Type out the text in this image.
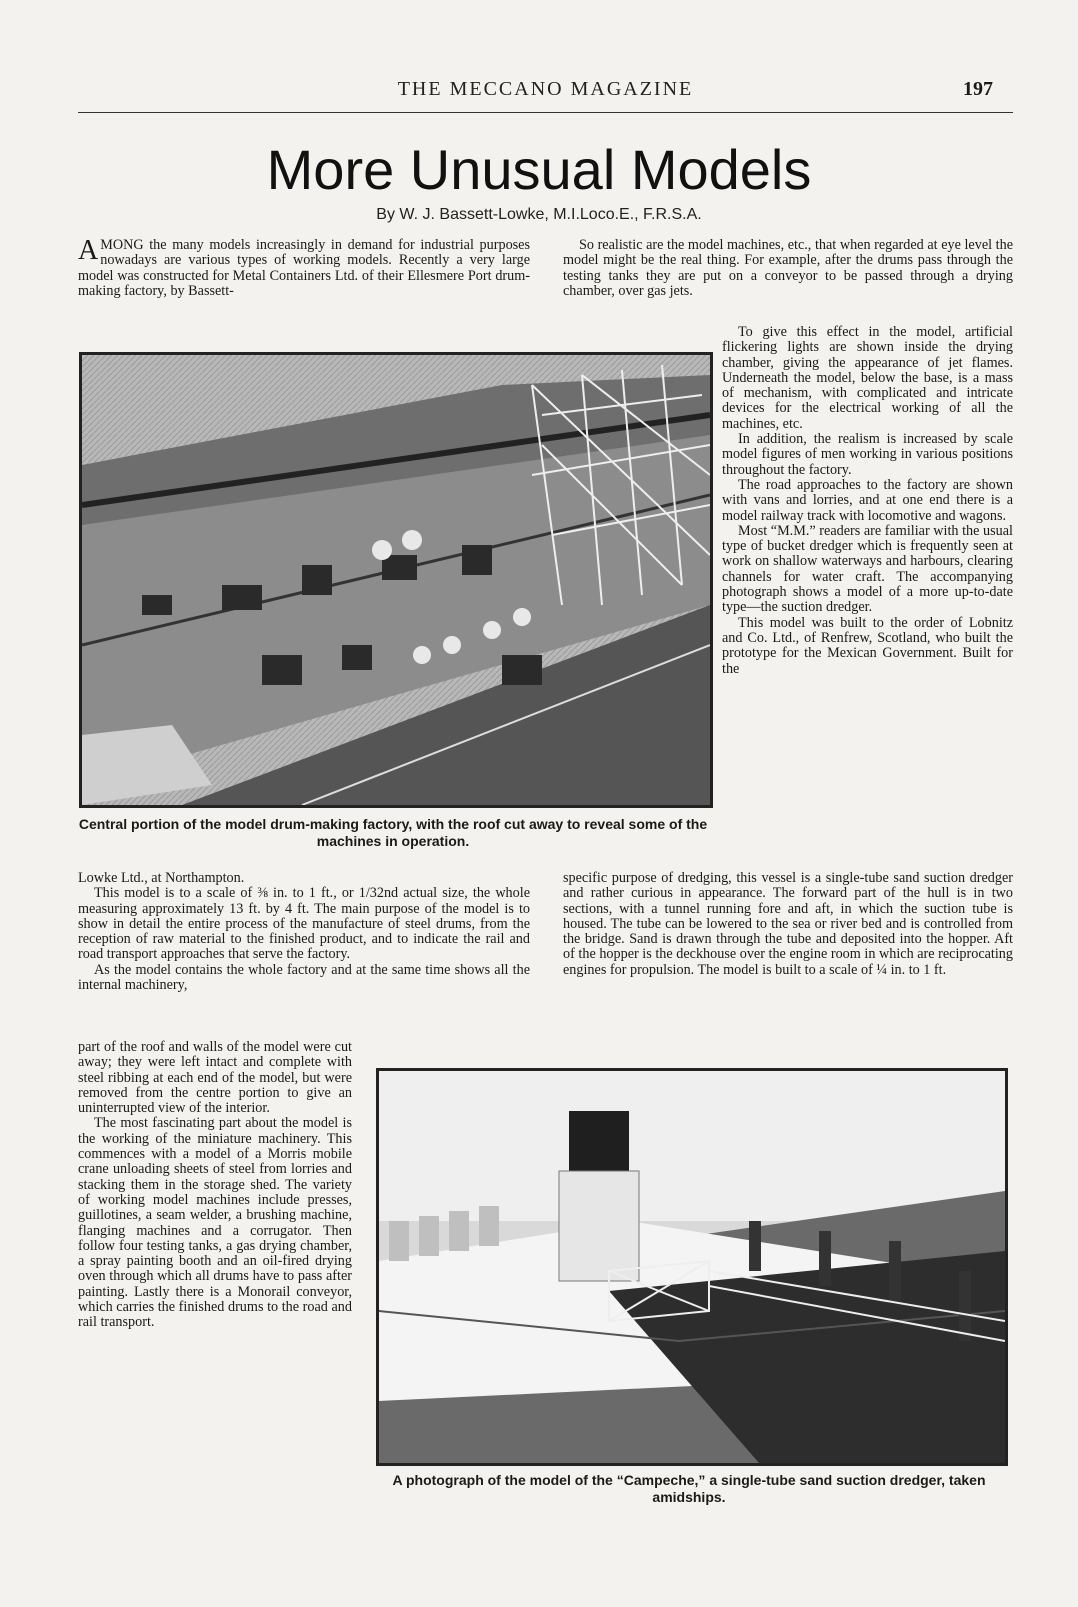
THE MECCANO MAGAZINE	197
More Unusual Models
By W. J. Bassett-Lowke, M.I.Loco.E., F.R.S.A.
AMONG the many models increasingly in demand for industrial purposes nowadays are various types of working models. Recently a very large model was constructed for Metal Containers Ltd. of their Ellesmere Port drum-making factory, by Bassett-
So realistic are the model machines, etc., that when regarded at eye level the model might be the real thing. For example, after the drums pass through the testing tanks they are put on a conveyor to be passed through a drying chamber, over gas jets.
Central portion of the model drum-making factory, with the roof cut away to reveal some of the machines in operation.

To give this effect in the model, artificial flickering lights are shown inside the drying chamber, giving the appearance of jet flames. Underneath the model, below the base, is a mass of mechanism, with complicated and intricate devices for the electrical working of all the machines, etc.

In addition, the realism is increased by scale model figures of men working in various positions throughout the factory.

The road approaches to the factory are shown with vans and lorries, and at one end there is a model railway track with locomotive and wagons.

Most “M.M.” readers are familiar with the usual type of bucket dredger which is frequently seen at work on shallow waterways and harbours, clearing channels for water craft. The accompanying photograph shows a model of a more up-to-date type—the suction dredger.

This model was built to the order of Lobnitz and Co. Ltd., of Renfrew, Scotland, who built the prototype for the Mexican Government. Built for the

Lowke Ltd., at Northampton.

This model is to a scale of ⅜ in. to 1 ft., or 1/32nd actual size, the whole measuring approximately 13 ft. by 4 ft. The main purpose of the model is to show in detail the entire process of the manufacture of steel drums, from the reception of raw material to the finished product, and to indicate the rail and road transport approaches that serve the factory.

As the model contains the whole factory and at the same time shows all the internal machinery,

specific purpose of dredging, this vessel is a single-tube sand suction dredger and rather curious in appearance. The forward part of the hull is in two sections, with a tunnel running fore and aft, in which the suction tube is housed. The tube can be lowered to the sea or river bed and is controlled from the bridge. Sand is drawn through the tube and deposited into the hopper. Aft of the hopper is the deckhouse over the engine room in which are reciprocating engines for propulsion. The model is built to a scale of ¼ in. to 1 ft.

part of the roof and walls of the model were cut away; they were left intact and complete with steel ribbing at each end of the model, but were removed from the centre portion to give an uninterrupted view of the interior.

The most fascinating part about the model is the working of the miniature machinery. This commences with a model of a Morris mobile crane unloading sheets of steel from lorries and stacking them in the storage shed. The variety of working model machines include presses, guillotines, a seam welder, a brushing machine, flanging machines and a corrugator. Then follow four testing tanks, a gas drying chamber, a spray painting booth and an oil-fired drying oven through which all drums have to pass after painting. Lastly there is a Monorail conveyor, which carries the finished drums to the road and rail transport.

A photograph of the model of the “Campeche,” a single-tube sand suction dredger, taken amidships.
